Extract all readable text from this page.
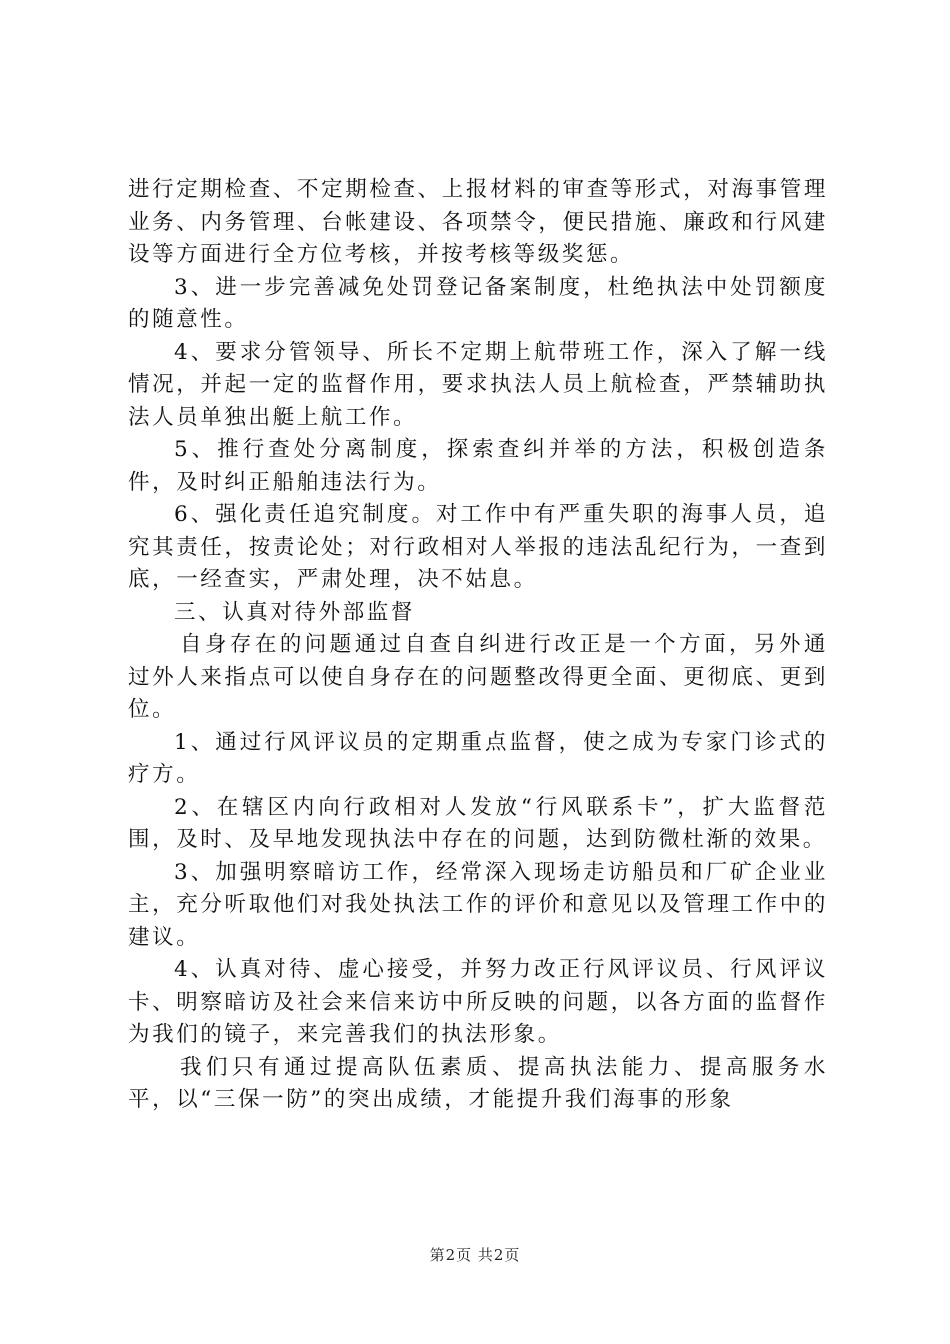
进行定期检查、不定期检查、上报材料的审查等形式，对海事管理业务、内务管理、台帐建设、各项禁令，便民措施、廉政和行风建设等方面进行全方位考核，并按考核等级奖惩。

3、进一步完善减免处罚登记备案制度，杜绝执法中处罚额度的随意性。

4、要求分管领导、所长不定期上航带班工作，深入了解一线情况，并起一定的监督作用，要求执法人员上航检查，严禁辅助执法人员单独出艇上航工作。

5、推行查处分离制度，探索查纠并举的方法，积极创造条件，及时纠正船舶违法行为。

6、强化责任追究制度。对工作中有严重失职的海事人员，追究其责任，按责论处；对行政相对人举报的违法乱纪行为，一查到底，一经查实，严肃处理，决不姑息。

三、认真对待外部监督

自身存在的问题通过自查自纠进行改正是一个方面，另外通过外人来指点可以使自身存在的问题整改得更全面、更彻底、更到位。

1、通过行风评议员的定期重点监督，使之成为专家门诊式的疗方。

2、在辖区内向行政相对人发放“行风联系卡”，扩大监督范围，及时、及早地发现执法中存在的问题，达到防微杜渐的效果。

3、加强明察暗访工作，经常深入现场走访船员和厂矿企业业主，充分听取他们对我处执法工作的评价和意见以及管理工作中的建议。

4、认真对待、虚心接受，并努力改正行风评议员、行风评议卡、明察暗访及社会来信来访中所反映的问题，以各方面的监督作为我们的镜子，来完善我们的执法形象。

我们只有通过提高队伍素质、提高执法能力、提高服务水平，以“三保一防”的突出成绩，才能提升我们海事的形象

第2页 共2页
